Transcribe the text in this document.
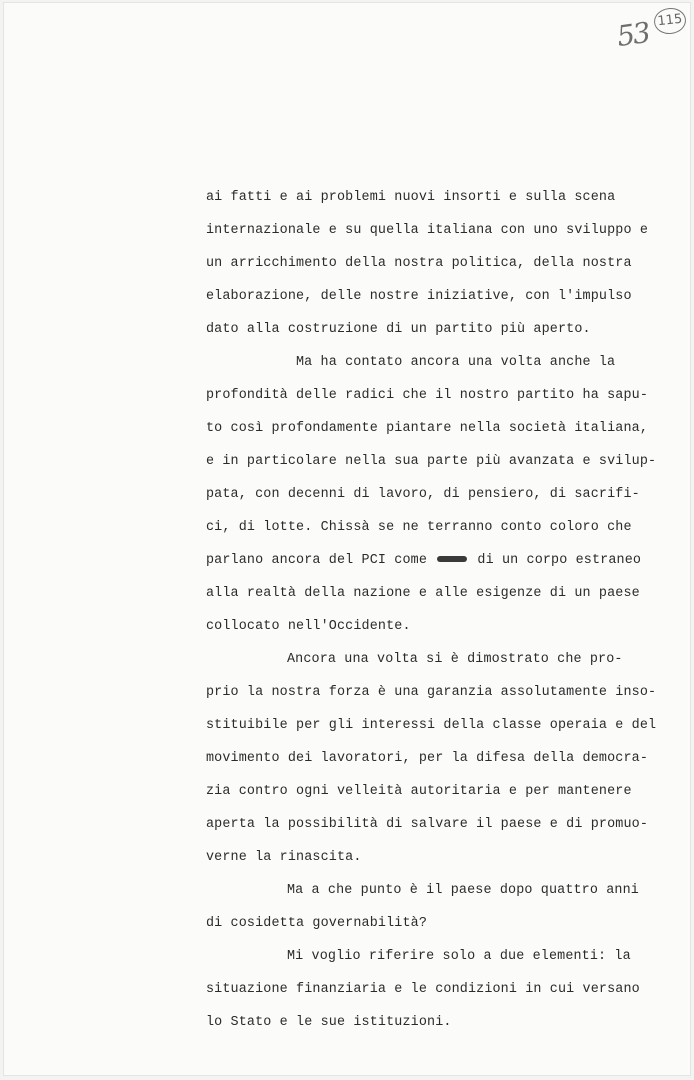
53 115
ai fatti e ai problemi nuovi insorti e sulla scena
internazionale e su quella italiana con uno sviluppo e
un arricchimento della nostra politica, della nostra
elaborazione, delle nostre iniziative, con l'impulso
dato alla costruzione di un partito più aperto.
Ma ha contato ancora una volta anche la
profondità delle radici che il nostro partito ha sapu-
to così profondamente piantare nella società italiana,
e in particolare nella sua parte più avanzata e svilup-
pata, con decenni di lavoro, di pensiero, di sacrifi-
ci, di lotte. Chissà se ne terranno conto coloro che
parlano ancora del PCI come	di un corpo estraneo
alla realtà della nazione e alle esigenze di un paese
collocato nell'Occidente.
Ancora una volta si è dimostrato che pro-
prio la nostra forza è una garanzia assolutamente inso-
stituibile per gli interessi della classe operaia e del
movimento dei lavoratori, per la difesa della democra-
zia contro ogni velleità autoritaria e per mantenere
aperta la possibilità di salvare il paese e di promuo-
verne la rinascita.
Ma a che punto è il paese dopo quattro anni
di cosidetta governabilità?
Mi voglio riferire solo a due elementi: la
situazione finanziaria e le condizioni in cui versano
lo Stato e le sue istituzioni.
